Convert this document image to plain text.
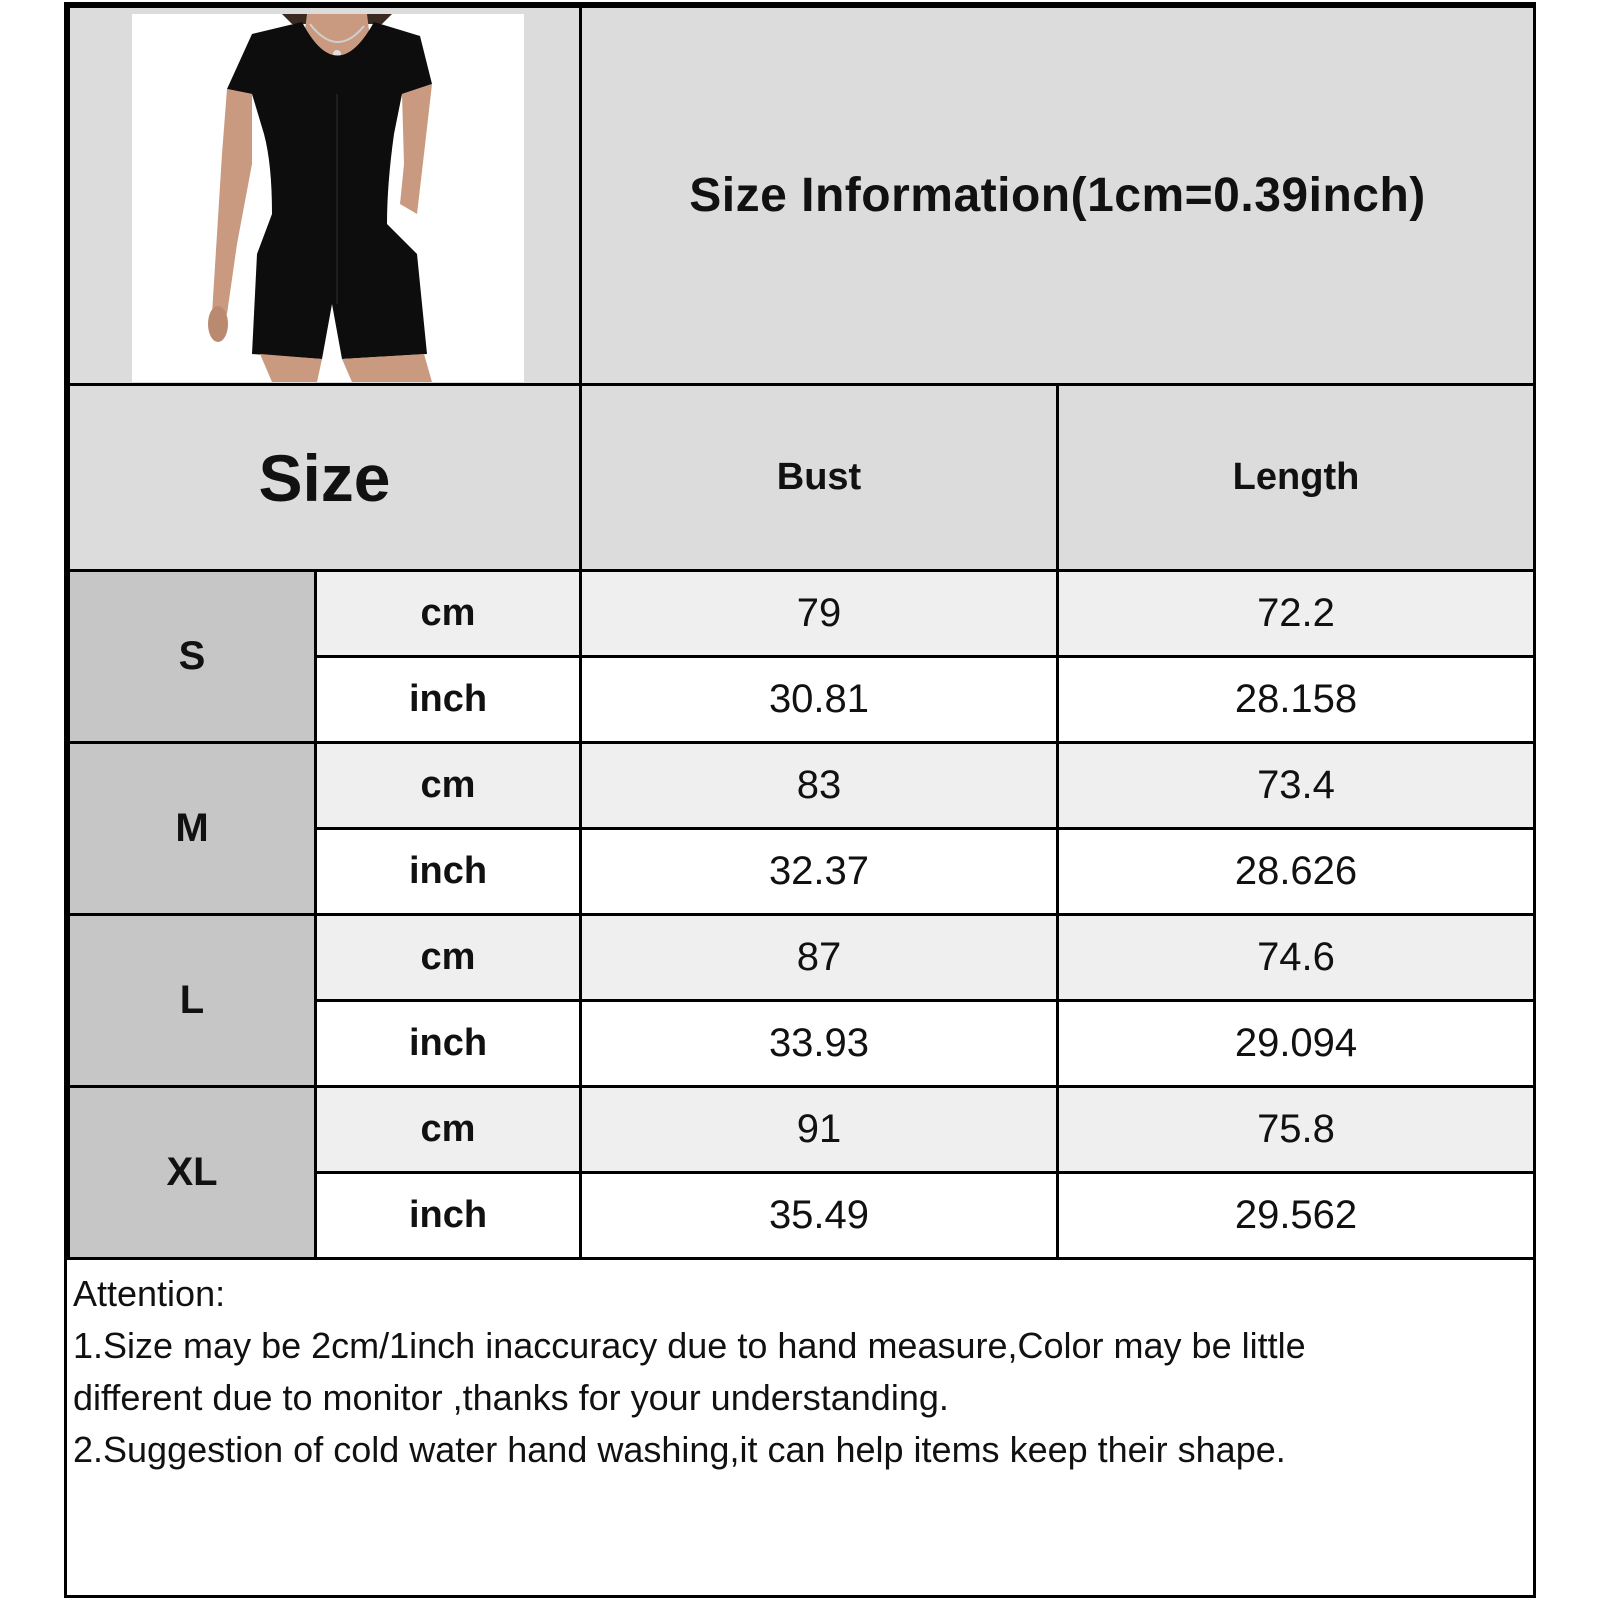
Size Information(1cm=0.39inch)
Size	Bust	Length
S
cm	79	72.2
inch	30.81	28.158
M
cm	83	73.4
inch	32.37	28.626
L
cm	87	74.6
inch	33.93	29.094
XL
cm	91	75.8
inch	35.49	29.562
Attention:
1.Size may be 2cm/1inch inaccuracy due to hand measure,Color may be little
different due to monitor ,thanks for your understanding.
2.Suggestion of cold water hand washing,it can help items keep their shape.
